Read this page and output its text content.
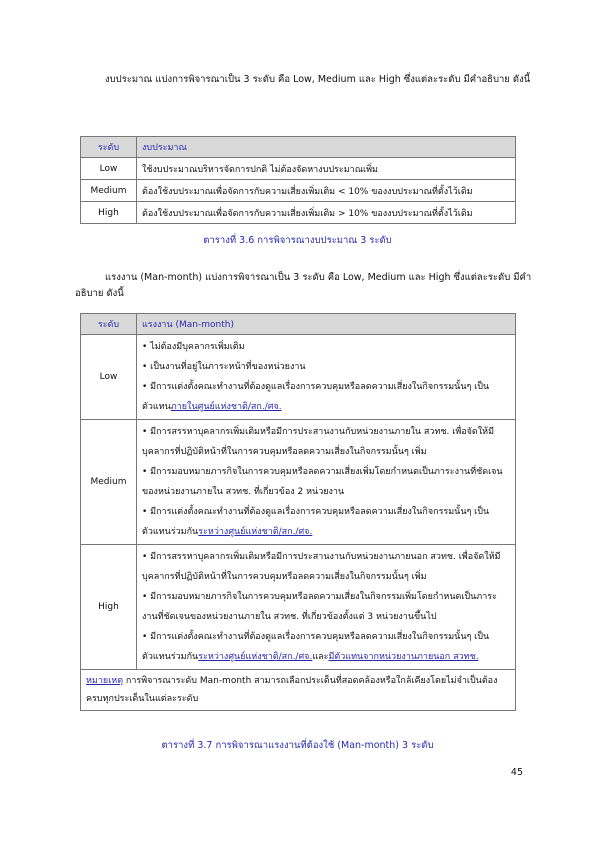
งบประมาณ แบ่งการพิจารณาเป็น 3 ระดับ คือ Low, Medium และ High ซึ่งแต่ละระดับ มีคำอธิบาย ดังนี้
ระดับ	งบประมาณ
Low	ใช้งบประมาณบริหารจัดการปกติ ไม่ต้องจัดหางบประมาณเพิ่ม
Medium	ต้องใช้งบประมาณเพื่อจัดการกับความเสี่ยงเพิ่มเติม < 10% ของงบประมาณที่ตั้งไว้เดิม
High	ต้องใช้งบประมาณเพื่อจัดการกับความเสี่ยงเพิ่มเติม > 10% ของงบประมาณที่ตั้งไว้เดิม
ตารางที่ 3.6 การพิจารณางบประมาณ 3 ระดับ
แรงงาน (Man-month) แบ่งการพิจารณาเป็น 3 ระดับ คือ Low, Medium และ High ซึ่งแต่ละระดับ มีคำอธิบาย ดังนี้
ระดับ	แรงงาน (Man-month)
Low	• ไม่ต้องมีบุคลากรเพิ่มเติม
• เป็นงานที่อยู่ในภาระหน้าที่ของหน่วยงาน
• มีการแต่งตั้งคณะทำงานที่ต้องดูแลเรื่องการควบคุมหรือลดความเสี่ยงในกิจกรรมนั้นๆ เป็นตัวแทนภายในศูนย์แห่งชาติ/สก./ศจ.

Medium	• มีการสรรหาบุคลากรเพิ่มเติมหรือมีการประสานงานกับหน่วยงานภายใน สวทช. เพื่อจัดให้มีบุคลากรที่ปฏิบัติหน้าที่ในการควบคุมหรือลดความเสี่ยงในกิจกรรมนั้นๆ เพิ่ม
• มีการมอบหมายภารกิจในการควบคุมหรือลดความเสี่ยงเพิ่มโดยกำหนดเป็นภาระงานที่ชัดเจนของหน่วยงานภายใน สวทช. ที่เกี่ยวข้อง 2 หน่วยงาน
• มีการแต่งตั้งคณะทำงานที่ต้องดูแลเรื่องการควบคุมหรือลดความเสี่ยงในกิจกรรมนั้นๆ เป็นตัวแทนร่วมกันระหว่างศูนย์แห่งชาติ/สก./ศจ.

High	• มีการสรรหาบุคลากรเพิ่มเติมหรือมีการประสานงานกับหน่วยงานภายนอก สวทช. เพื่อจัดให้มีบุคลากรที่ปฏิบัติหน้าที่ในการควบคุมหรือลดความเสี่ยงในกิจกรรมนั้นๆ เพิ่ม
• มีการมอบหมายภารกิจในการควบคุมหรือลดความเสี่ยงในกิจกรรมเพิ่มโดยกำหนดเป็นภาระงานที่ชัดเจนของหน่วยงานภายใน สวทช. ที่เกี่ยวข้องตั้งแต่ 3 หน่วยงานขึ้นไป
• มีการแต่งตั้งคณะทำงานที่ต้องดูแลเรื่องการควบคุมหรือลดความเสี่ยงในกิจกรรมนั้นๆ เป็นตัวแทนร่วมกันระหว่างศูนย์แห่งชาติ/สก./ศจ.และมีตัวแทนจากหน่วยงานภายนอก สวทช.

หมายเหตุ การพิจารณาระดับ Man-month สามารถเลือกประเด็นที่สอดคล้องหรือใกล้เคียงโดยไม่จำเป็นต้องครบทุกประเด็นในแต่ละระดับ	
ตารางที่ 3.7 การพิจารณาแรงงานที่ต้องใช้ (Man-month) 3 ระดับ
45
